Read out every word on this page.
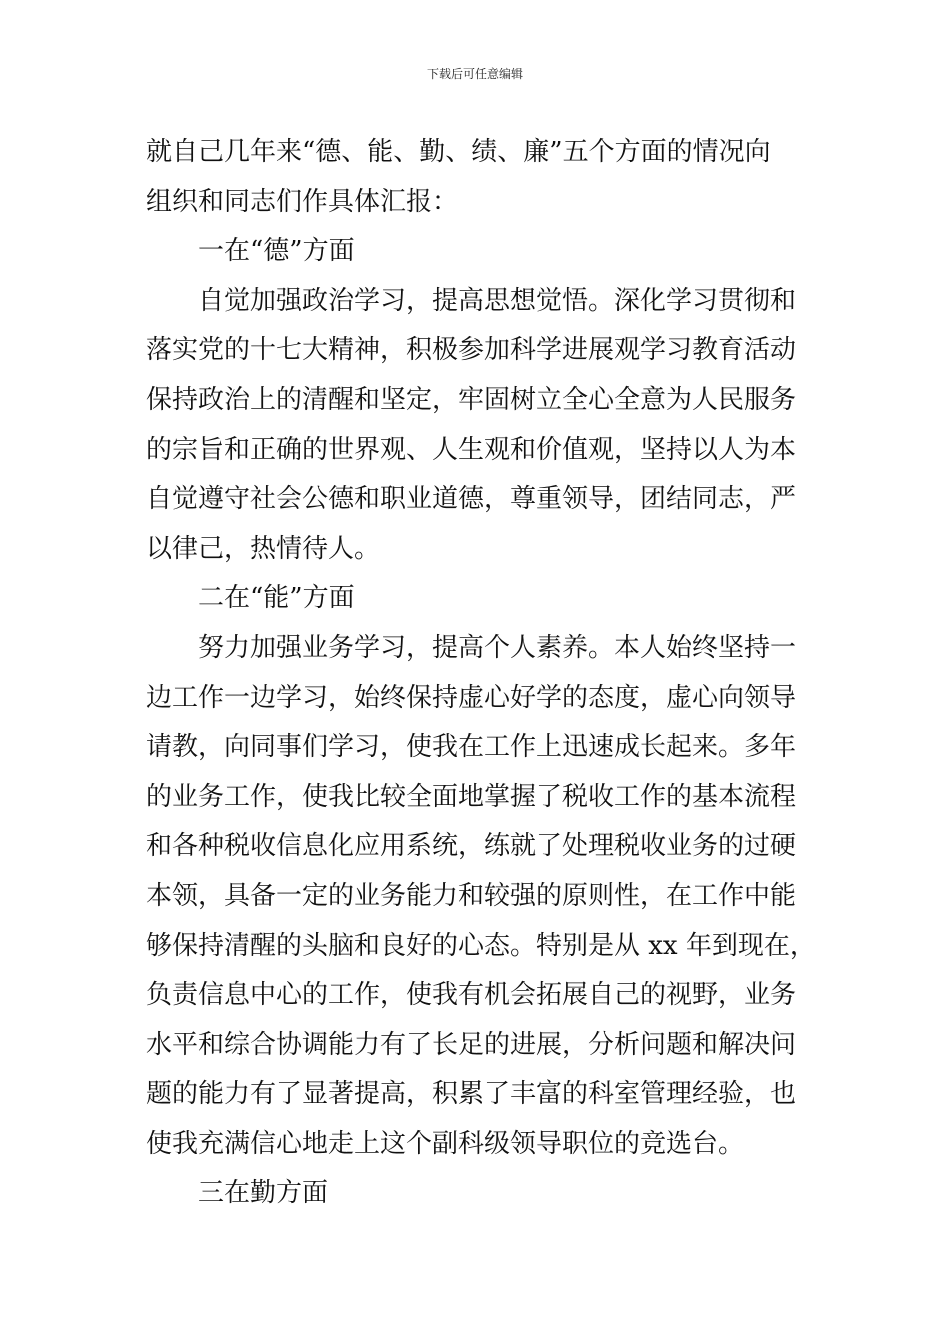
下载后可任意编辑
就自己几年来“德、能、勤、绩、廉”五个方面的情况向
组织和同志们作具体汇报：
一在“德”方面
自觉加强政治学习，提高思想觉悟。深化学习贯彻和
落实党的十七大精神，积极参加科学进展观学习教育活动
保持政治上的清醒和坚定，牢固树立全心全意为人民服务
的宗旨和正确的世界观、人生观和价值观，坚持以人为本
自觉遵守社会公德和职业道德，尊重领导，团结同志，严
以律己，热情待人。
二在“能”方面
努力加强业务学习，提高个人素养。本人始终坚持一
边工作一边学习，始终保持虚心好学的态度，虚心向领导
请教，向同事们学习，使我在工作上迅速成长起来。多年
的业务工作，使我比较全面地掌握了税收工作的基本流程
和各种税收信息化应用系统，练就了处理税收业务的过硬
本领，具备一定的业务能力和较强的原则性，在工作中能
够保持清醒的头脑和良好的心态。特别是从 xx 年到现在，
负责信息中心的工作，使我有机会拓展自己的视野，业务
水平和综合协调能力有了长足的进展，分析问题和解决问
题的能力有了显著提高，积累了丰富的科室管理经验，也
使我充满信心地走上这个副科级领导职位的竞选台。
三在勤方面
